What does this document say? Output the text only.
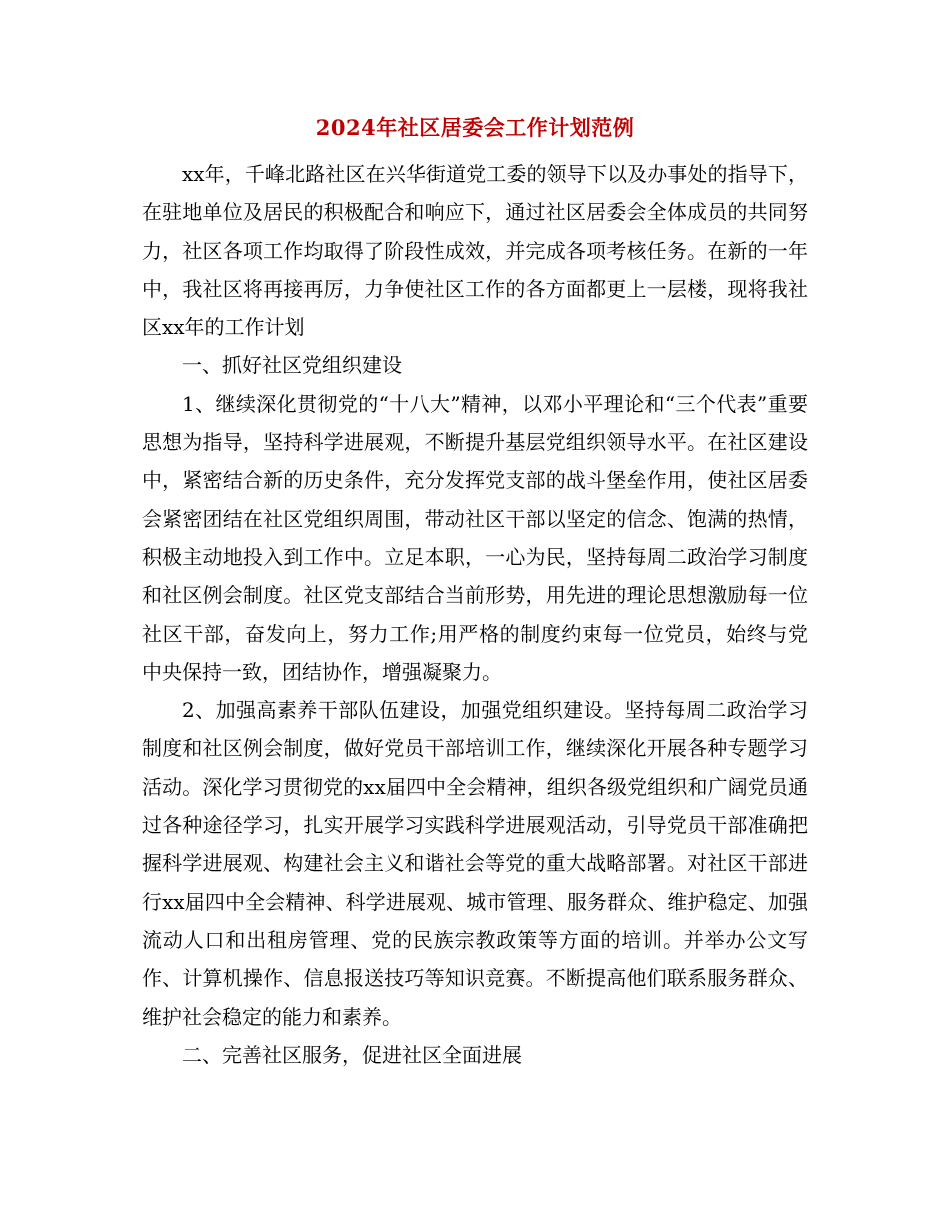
2024年社区居委会工作计划范例

xx年，千峰北路社区在兴华街道党工委的领导下以及办事处的指导下，在驻地单位及居民的积极配合和响应下，通过社区居委会全体成员的共同努力，社区各项工作均取得了阶段性成效，并完成各项考核任务。在新的一年中，我社区将再接再厉，力争使社区工作的各方面都更上一层楼，现将我社区xx年的工作计划

一、抓好社区党组织建设

1、继续深化贯彻党的“十八大”精神，以邓小平理论和“三个代表”重要思想为指导，坚持科学进展观，不断提升基层党组织领导水平。在社区建设中，紧密结合新的历史条件，充分发挥党支部的战斗堡垒作用，使社区居委会紧密团结在社区党组织周围，带动社区干部以坚定的信念、饱满的热情，积极主动地投入到工作中。立足本职，一心为民，坚持每周二政治学习制度和社区例会制度。社区党支部结合当前形势，用先进的理论思想激励每一位社区干部，奋发向上，努力工作;用严格的制度约束每一位党员，始终与党中央保持一致，团结协作，增强凝聚力。

2、加强高素养干部队伍建设，加强党组织建设。坚持每周二政治学习制度和社区例会制度，做好党员干部培训工作，继续深化开展各种专题学习活动。深化学习贯彻党的xx届四中全会精神，组织各级党组织和广阔党员通过各种途径学习，扎实开展学习实践科学进展观活动，引导党员干部准确把握科学进展观、构建社会主义和谐社会等党的重大战略部署。对社区干部进行xx届四中全会精神、科学进展观、城市管理、服务群众、维护稳定、加强流动人口和出租房管理、党的民族宗教政策等方面的培训。并举办公文写作、计算机操作、信息报送技巧等知识竞赛。不断提高他们联系服务群众、维护社会稳定的能力和素养。

二、完善社区服务，促进社区全面进展
